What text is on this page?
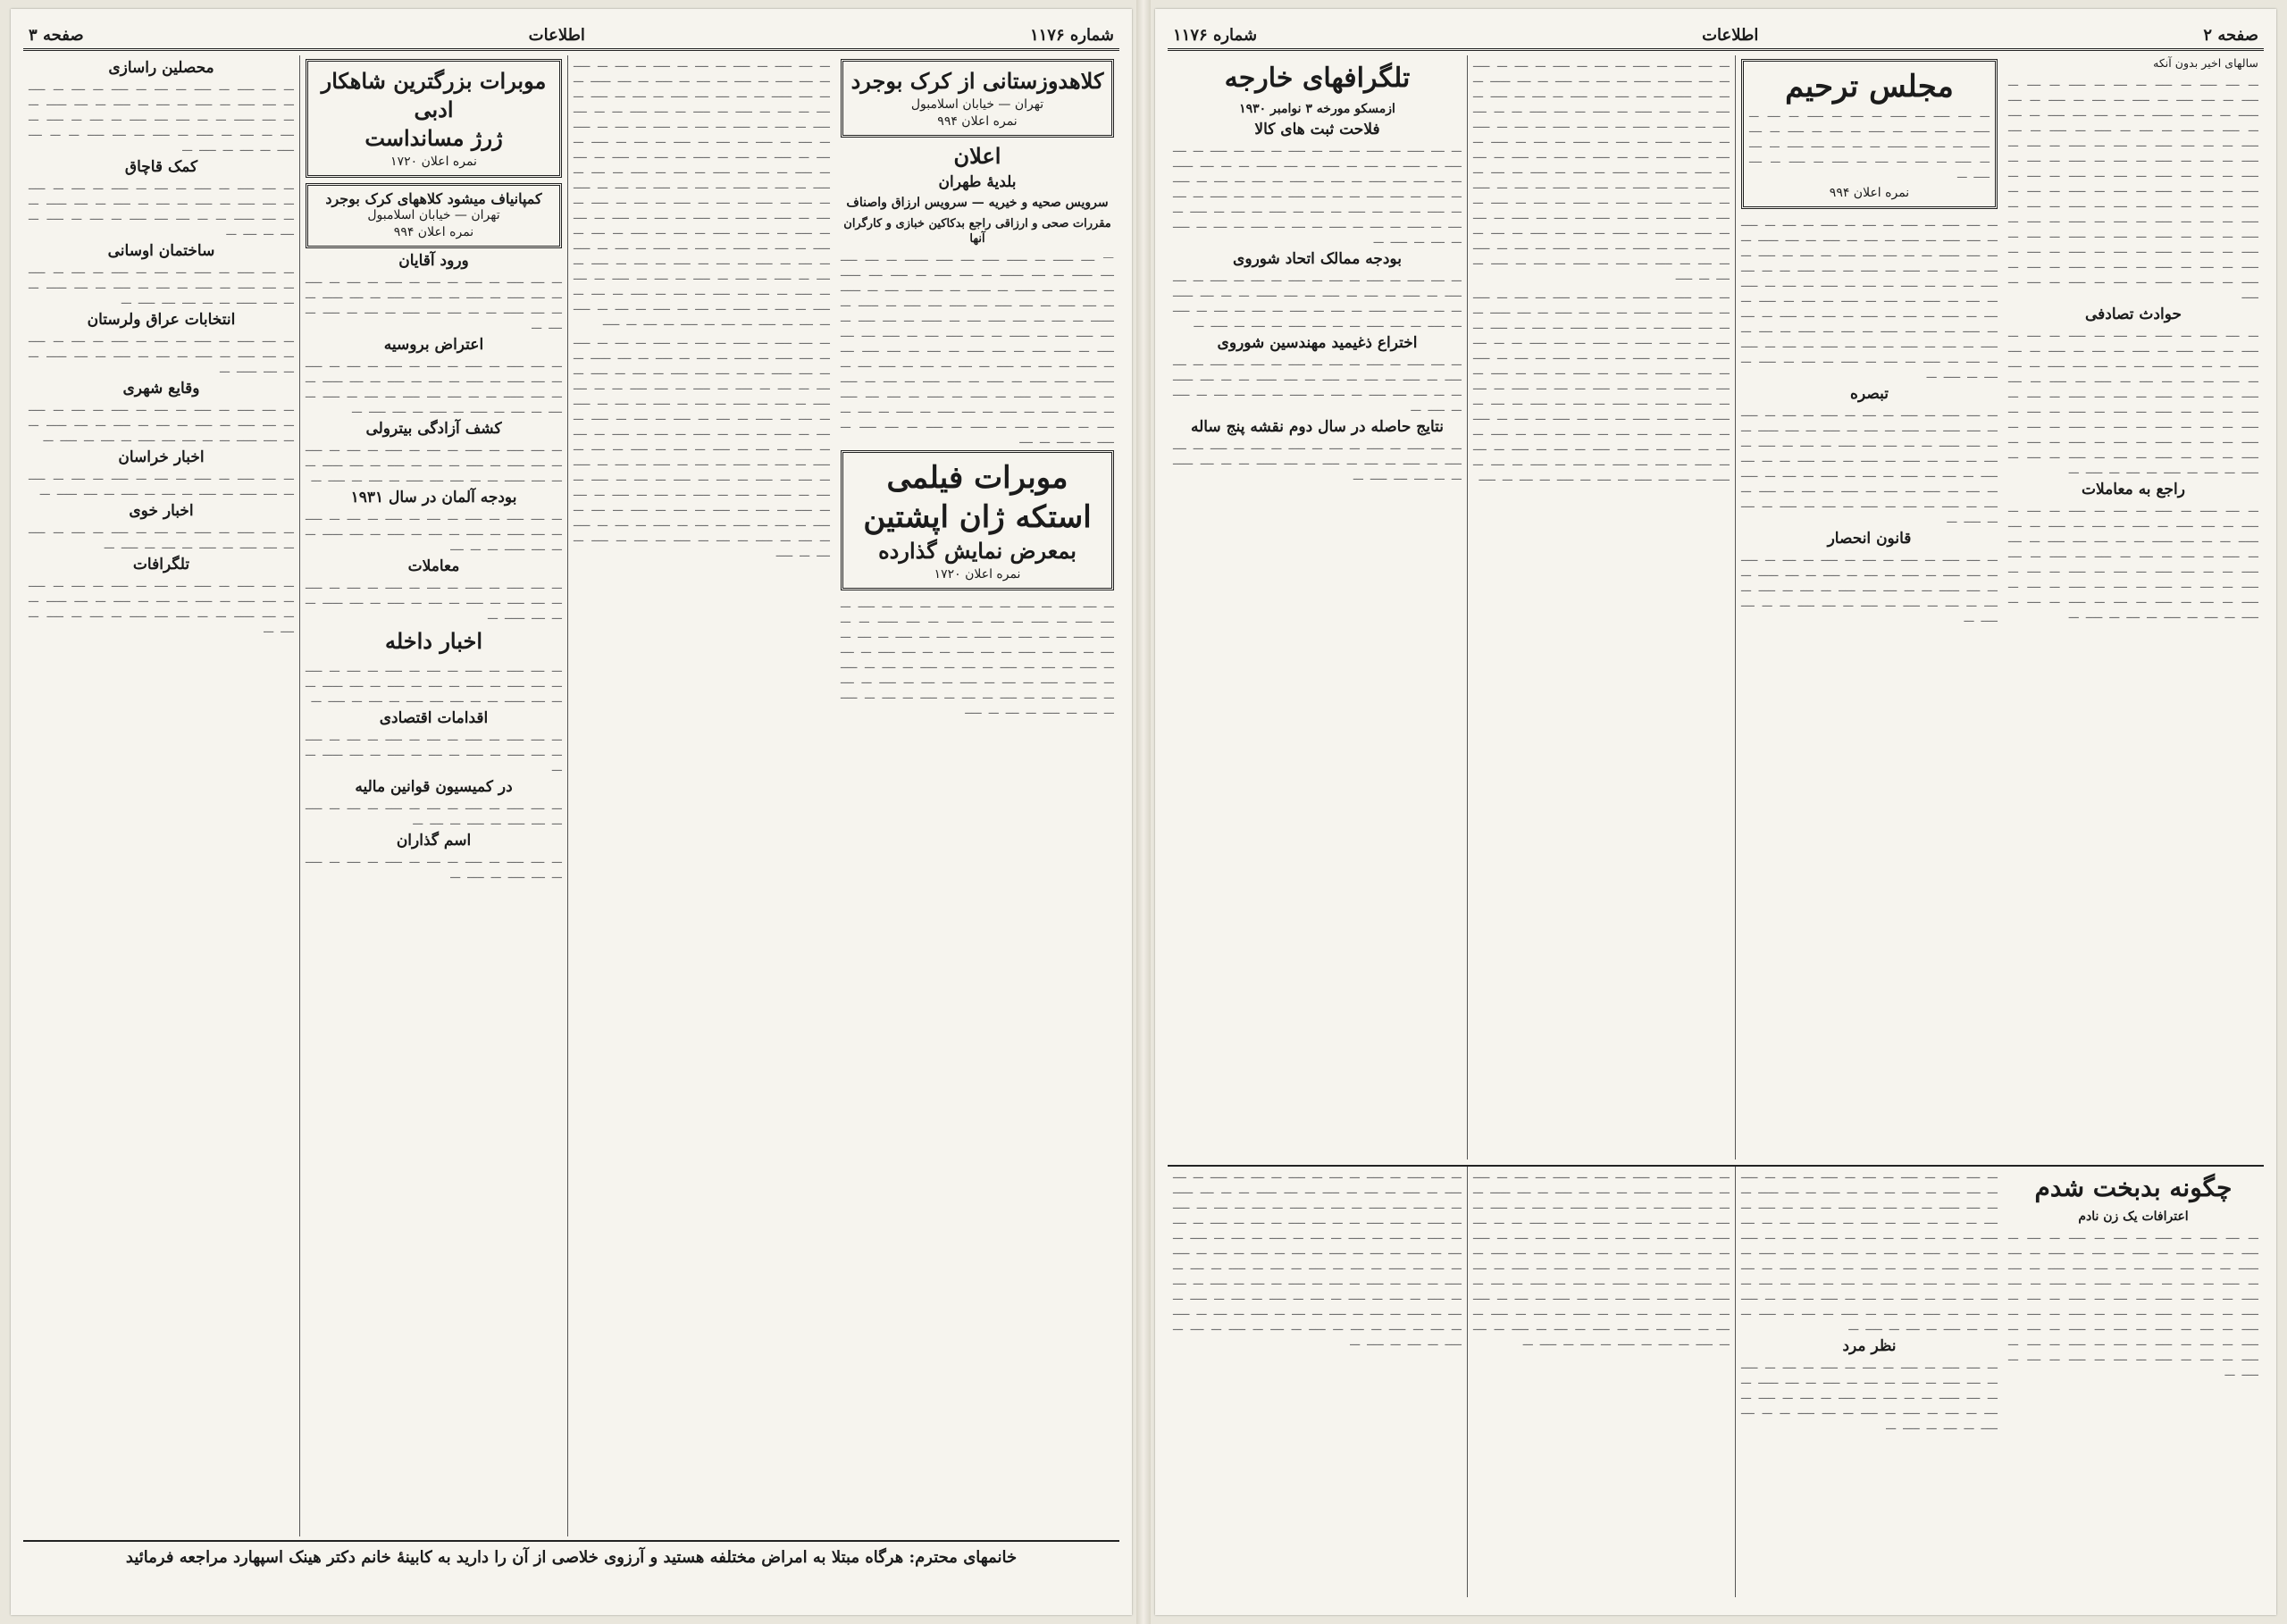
شماره ۱۱۷۶
اطلاعات
صفحه ۳
کلاهدوزستانی از کرک بوجرد
تهران — خیابان اسلامبول
نمره اعلان ۹۹۴
اعلان
بلدیهٔ طهران
سرویس صحیه و خیریه — سرویس ارزاق واصناف
مقررات صحی و ارزاقی راجع بدکاکین خبازی و کارگران آنها

— ــــ ــــــ ـــ ــــــ ـــــ ــــ ـــــ ـــــــ ـــ ــــ ـــــ ــــ ــــــ ـــ ــــ ـــــــ ـــ ــــ ـــــ ـــ ـــــ ــــ ــــــ ـــ ــــ ـــــ ـــ ــــــ ـــ ـــــــ ـــ ــــ ـــــ ــــ ـــ ــــــ ـــ ــــ ـــــ ـــ ــــ ـــــ ــــ ـــــ ــــ ـــــ ـــ ــــــ ـــ ـــــــ ـــ ــــ ـــ ــــ ـــــ ــــ ـــ ــــــ ـــ ــــ ـــــ ـــ ــــ ـــــ ــــ ـــ ــــــ ـــ ــــ ـــــ ــــ ـــ ـــــ ــــ ــــ ـــــ ـــ ـــــ ــــ ـــ ــــ ـــــ ـــ ــــ ـــ ــــ ـــــ ــــ ـــ ــــــ ـــ ــــ ـــ ـــــ ـــ ــــ ـــ ــــ ـــ ـــــ ــــ ـــ ــــــ ـــ ــــ ـــــ ـــ ـــــ ـــ ــــ ـــــ ـــ ــــ ـــ ـــــ ـــ ـــــ ـــ ــــ ـــــ ـــ ـــــ ـــ ـــــ ـــ ــــ ــــ ـــــ ـــ ــــ ـــ ـــــ ـــ ـــــ ـــ ــــ ـــــ ـــ ـــــ ـــ ــــ ـــ ـــــ ـــ ــــ ـــ ــــ ـــ ـــــ ـــ ـــــ ـــ ــــ ـــــ ـــ ـــــ ـــ ـــــ ـــ ــــ

موبرات فیلمی استکه ژان اپشتین
بمعرض نمایش گذارده
نمره اعلان ۱۷۲۰

ـــ ــــ ـــــ ـــ ـــــ ـــ ــــ ـــ ـــــ ـــ ــــ ـــ ـــــ ـــ ــــ ـــــ ـــ ـــــ ـــ ــــ ـــ ـــــ ـــ ــــ ــــــ ـــ ـــ ــــ ــــــ ـــ ـــ ــــ ــــ ـــــ ـــ ــــ ـــ ـــــ ـــ ــــ ـــ ــــ ـــ ـــــ ـــ ـــــ ـــ ــــ ـــــ ـــ ـــ ــــ ـــــ ـــ ــــ ـــ ـــــ ـــ ــــ ـــ ـــــ ـــ ــــ ـــ ـــــ ـــ ــــ ـــ ـــــ ـــ ــــ ـــ ـــــ ـــ ــــ ـــ ـــــ ـــ ــــ ـــ ـــــ ـــ ــــ ـــ ـــــ ـــ ــــ ـــ ـــــ ـــ ــــ ـــ ـــــ ـــ ــــ ـــ ـــــ ـــ ــــ ـــ ـــــ ـــ ــــ ـــ ـــــ

ـــ ــــ ـــــ ـــ ـــــ ـــ ــــ ـــ ـــــ ـــ ــــ ـــ ـــــ ـــ ــــ ـــــ ـــ ـــــ ـــ ــــ ـــ ـــــ ـــ ــــ ــــــ ـــ ـــ ــــ ــــــ ـــ ـــ ــــ ــــ ـــــ ـــ ــــ ـــ ـــــ ـــ ــــ ـــ ــــ ـــ ـــــ ـــ ـــــ ـــ ــــ ـــــ ـــ ـــ ــــ ـــــ ـــ ــــ ـــ ـــــ ـــ ــــ ـــ ـــــ ـــ ــــ ـــ ـــــ ـــ ــــ ـــ ـــــ ـــ ــــ ـــ ـــــ ـــ ــــ ـــ ـــــ ـــ ــــ ـــ ـــــ ـــ ــــ ـــ ـــــ ـــ ــــ ـــ ـــــ ـــ ــــ ـــ ـــــ ـــ ــــ ـــ ـــــ ـــ ــــ ـــ ـــــ ـــ ــــ ـــ ـــــ ـــ ــــ ـــ ـــــ ـــ ــــ ـــ ـــــ ـــ ــــ ـــ ـــــ ـــ ــــ ـــ ـــــ ـــ ــــ ـــ ـــــ ـــ ــــ ـــ ـــــ ـــ ــــ ـــ ـــــ ـــ ــــ ـــ ـــــ ـــ ــــ ـــ ـــــ ـــ ــــ ـــ ـــــ ـــ ــــ ـــ ـــــ ـــ ــــ ـــ ـــــ ـــ ــــ ـــ ـــــ ـــ ــــ ـــ ـــــ ـــ ــــ ـــ ـــــ ـــ ــــ ـــ ـــــ ـــ ــــ ـــ ـــــ ـــ ــــ ـــ ـــــ ـــ ــــ ـــ ـــــ ـــ ــــ ـــ ـــــ ـــ ــــ ـــ ـــــ ـــ ــــ ـــ ـــــ ـــ ــــ ـــ ـــــ ـــ ــــ ـــ ـــــ ـــ ــــ ـــ ـــــ ـــ ــــ ـــ ـــــ ـــ ــــ ـــ ـــــ ـــ ــــ ـــ ـــــ ـــ ــــ ـــ ـــــ ـــ ــــ ـــ ـــــ ـــ ــــ ـــ ـــــ ـــ ــــ ـــ ـــــ

ـــ ــــ ـــــ ـــ ـــــ ـــ ــــ ـــ ـــــ ـــ ــــ ـــ ـــــ ـــ ــــ ـــــ ـــ ـــــ ـــ ــــ ـــ ـــــ ـــ ــــ ــــــ ـــ ـــ ــــ ــــــ ـــ ـــ ــــ ــــ ـــــ ـــ ــــ ـــ ـــــ ـــ ــــ ـــ ــــ ـــ ـــــ ـــ ـــــ ـــ ــــ ـــــ ـــ ـــ ــــ ـــــ ـــ ــــ ـــ ـــــ ـــ ــــ ـــ ـــــ ـــ ــــ ـــ ـــــ ـــ ــــ ـــ ـــــ ـــ ــــ ـــ ـــــ ـــ ــــ ـــ ـــــ ـــ ــــ ـــ ـــــ ـــ ــــ ـــ ـــــ ـــ ــــ ـــ ـــــ ـــ ــــ ـــ ـــــ ـــ ــــ ـــ ـــــ ـــ ــــ ـــ ـــــ ـــ ــــ ـــ ـــــ ـــ ــــ ـــ ـــــ ـــ ــــ ـــ ـــــ ـــ ــــ ـــ ـــــ ـــ ــــ ـــ ـــــ ـــ ــــ ـــ ـــــ ـــ ــــ ـــ ـــــ ـــ ــــ ـــ ـــــ ـــ ــــ ـــ ـــــ ـــ ــــ ـــ ـــــ ـــ ــــ ـــ ـــــ ـــ ــــ ـــ ـــــ ـــ ــــ ـــ ـــــ ـــ ــــ ـــ ـــــ ـــ ــــ ـــ ـــــ ـــ ــــ ـــ ـــــ ـــ ــــ ـــ ـــــ ـــ ــــ ـــ ـــــ ـــ ــــ ـــ ـــــ ـــ ــــ ـــ ـــــ ـــ ــــ ـــ ـــــ

موبرات بزرگترین شاهکار ادبی
ژرژ مسانداست
نمره اعلان ۱۷۲۰
کمپانیاف میشود کلاههای کرک بوجرد
تهران — خیابان اسلامبول
نمره اعلان ۹۹۴
ورود آقایان

ـــ ــــ ـــــ ـــ ـــــ ـــ ــــ ـــ ـــــ ـــ ــــ ـــ ـــــ ـــ ــــ ـــــ ـــ ـــــ ـــ ــــ ـــ ـــــ ـــ ــــ ــــــ ـــ ـــ ــــ ــــــ ـــ ـــ ــــ ــــ ـــــ ـــ ــــ ـــ ـــــ ـــ ــــ ـــ

اعتراض بروسیه

ـــ ــــ ـــــ ـــ ـــــ ـــ ــــ ـــ ـــــ ـــ ــــ ـــ ـــــ ـــ ــــ ـــــ ـــ ـــــ ـــ ــــ ـــ ـــــ ـــ ــــ ــــــ ـــ ـــ ــــ ــــــ ـــ ـــ ــــ ــــ ـــــ ـــ ــــ ـــ ـــــ ـــ ــــ ـــ ــــ ـــ ـــــ ـــ ـــــ ـــ ــــ ـــــ ـــ

کشف آزادگی بیترولی

ـــ ــــ ـــــ ـــ ـــــ ـــ ــــ ـــ ـــــ ـــ ــــ ـــ ـــــ ـــ ــــ ـــــ ـــ ـــــ ـــ ــــ ـــ ـــــ ـــ ــــ ــــــ ـــ ـــ ــــ ــــــ ـــ ـــ ــــ ــــ ـــــ ـــ ــــ ـــ ـــــ ـــ

بودجه آلمان در سال ۱۹۳۱

ـــ ــــ ـــــ ـــ ـــــ ـــ ــــ ـــ ـــــ ـــ ــــ ـــ ـــــ ـــ ــــ ـــــ ـــ ـــــ ـــ ــــ ـــ ـــــ ـــ ــــ ــــــ ـــ ـــ ــــ ــــــ ـــ ـــ ــــ

معاملات

ـــ ــــ ـــــ ـــ ـــــ ـــ ــــ ـــ ـــــ ـــ ــــ ـــ ـــــ ـــ ــــ ـــــ ـــ ـــــ ـــ ــــ ـــ ـــــ ـــ ــــ ــــــ ـــ ـــ ــــ ــــــ ـــ

اخبار داخله

ـــ ــــ ـــــ ـــ ـــــ ـــ ــــ ـــ ـــــ ـــ ــــ ـــ ـــــ ـــ ــــ ـــــ ـــ ـــــ ـــ ــــ ـــ ـــــ ـــ ــــ ــــــ ـــ ـــ ــــ ــــــ ـــ ـــ ــــ ــــ ـــــ ـــ ــــ ـــ ـــــ ـــ

اقدامات اقتصادی

ـــ ــــ ـــــ ـــ ـــــ ـــ ــــ ـــ ـــــ ـــ ــــ ـــ ـــــ ـــ ــــ ـــــ ـــ ـــــ ـــ ــــ ـــ ـــــ ـــ ــــ ــــــ ـــ ـــ

در کمیسیون قوانین مالیه

ـــ ــــ ـــــ ـــ ـــــ ـــ ــــ ـــ ـــــ ـــ ــــ ـــ ـــــ ـــ ــــ ـــــ ـــ ـــــ ـــ ــــ ـــ

اسم گذاران

ـــ ــــ ـــــ ـــ ـــــ ـــ ــــ ـــ ـــــ ـــ ــــ ـــ ـــــ ـــ ــــ ـــــ ـــ ـــــ ـــ

محصلین راسازی

ـــ ــــ ـــــ ـــ ـــــ ـــ ــــ ـــ ـــــ ـــ ــــ ـــ ـــــ ـــ ــــ ـــــ ـــ ـــــ ـــ ــــ ـــ ـــــ ـــ ــــ ــــــ ـــ ـــ ــــ ــــــ ـــ ـــ ــــ ــــ ـــــ ـــ ــــ ـــ ـــــ ـــ ــــ ـــ ــــ ـــ ـــــ ـــ ـــــ ـــ ــــ ـــــ ـــ ـــ ــــ ـــــ ـــ ــــ ـــ ـــــ ـــ

کمک قاچاق

ـــ ــــ ـــــ ـــ ـــــ ـــ ــــ ـــ ـــــ ـــ ــــ ـــ ـــــ ـــ ــــ ـــــ ـــ ـــــ ـــ ــــ ـــ ـــــ ـــ ــــ ــــــ ـــ ـــ ــــ ــــــ ـــ ـــ ــــ ــــ ـــــ ـــ ــــ ـــ ـــــ ـــ ــــ ـــ ــــ ـــ

ساختمان اوسانی

ـــ ــــ ـــــ ـــ ـــــ ـــ ــــ ـــ ـــــ ـــ ــــ ـــ ـــــ ـــ ــــ ـــــ ـــ ـــــ ـــ ــــ ـــ ـــــ ـــ ــــ ــــــ ـــ ـــ ــــ ــــــ ـــ ـــ ــــ ــــ ـــــ ـــ

انتخابات عراق ولرستان

ـــ ــــ ـــــ ـــ ـــــ ـــ ــــ ـــ ـــــ ـــ ــــ ـــ ـــــ ـــ ــــ ـــــ ـــ ـــــ ـــ ــــ ـــ ـــــ ـــ ــــ ــــــ ـــ ـــ ــــ ــــــ ـــ

وقایع شهری

ـــ ــــ ـــــ ـــ ـــــ ـــ ــــ ـــ ـــــ ـــ ــــ ـــ ـــــ ـــ ــــ ـــــ ـــ ـــــ ـــ ــــ ـــ ـــــ ـــ ــــ ــــــ ـــ ـــ ــــ ــــــ ـــ ـــ ــــ ــــ ـــــ ـــ ــــ ـــ ـــــ ـــ

اخبار خراسان

ـــ ــــ ـــــ ـــ ـــــ ـــ ــــ ـــ ـــــ ـــ ــــ ـــ ـــــ ـــ ــــ ـــــ ـــ ـــــ ـــ ــــ ـــ ـــــ ـــ ــــ ــــــ ـــ

اخبار خوی

ـــ ــــ ـــــ ـــ ـــــ ـــ ــــ ـــ ـــــ ـــ ــــ ـــ ـــــ ـــ ــــ ـــــ ـــ ـــــ ـــ ــــ ـــ ـــــ ـــ

تلگرافات

ـــ ــــ ـــــ ـــ ـــــ ـــ ــــ ـــ ـــــ ـــ ــــ ـــ ـــــ ـــ ــــ ـــــ ـــ ـــــ ـــ ــــ ـــ ـــــ ـــ ــــ ــــــ ـــ ـــ ــــ ــــــ ـــ ـــ ــــ ــــ ـــــ ـــ ــــ ـــ ـــــ ـــ ــــ ـــ

خانمهای محترم: هرگاه مبتلا به امراض مختلفه هستید و آرزوی خلاصی از آن را دارید به کابینهٔ خانم دکتر هینک اسپهارد مراجعه فرمائید
صفحه ۲
اطلاعات
شماره ۱۱۷۶

سالهای اخیر بدون آنکه

ـــ ــــ ـــــ ـــ ـــــ ـــ ــــ ـــ ـــــ ـــ ــــ ـــ ـــــ ـــ ــــ ـــــ ـــ ـــــ ـــ ــــ ـــ ـــــ ـــ ــــ ــــــ ـــ ـــ ــــ ــــــ ـــ ـــ ــــ ــــ ـــــ ـــ ــــ ـــ ـــــ ـــ ــــ ـــ ــــ ـــ ـــــ ـــ ـــــ ـــ ــــ ـــــ ـــ ـــ ــــ ـــــ ـــ ــــ ـــ ـــــ ـــ ــــ ـــ ـــــ ـــ ــــ ـــ ـــــ ـــ ــــ ـــ ـــــ ـــ ــــ ـــ ـــــ ـــ ــــ ـــ ـــــ ـــ ــــ ـــ ـــــ ـــ ــــ ـــ ـــــ ـــ ــــ ـــ ـــــ ـــ ــــ ـــ ـــــ ـــ ــــ ـــ ـــــ ـــ ــــ ـــ ـــــ ـــ ــــ ـــ ـــــ ـــ ــــ ـــ ـــــ ـــ ــــ ـــ ـــــ ـــ ــــ ـــ ـــــ ـــ ــــ ـــ ـــــ ـــ ــــ ـــ ـــــ ـــ ــــ ـــ ـــــ ـــ ــــ ـــ ـــــ ـــ ــــ ـــ ـــــ ـــ ــــ ـــ ـــــ ـــ ــــ ـــ ـــــ ـــ ــــ ـــ ـــــ ـــ ــــ ـــ ـــــ ـــ ــــ ـــ ـــــ ـــ ــــ ـــ ـــــ ـــ ــــ ـــ ـــــ ـــ ــــ ـــ ـــــ

حوادث تصادفی

ـــ ــــ ـــــ ـــ ـــــ ـــ ــــ ـــ ـــــ ـــ ــــ ـــ ـــــ ـــ ــــ ـــــ ـــ ـــــ ـــ ــــ ـــ ـــــ ـــ ــــ ــــــ ـــ ـــ ــــ ــــــ ـــ ـــ ــــ ــــ ـــــ ـــ ــــ ـــ ـــــ ـــ ــــ ـــ ــــ ـــ ـــــ ـــ ـــــ ـــ ــــ ـــــ ـــ ـــ ــــ ـــــ ـــ ــــ ـــ ـــــ ـــ ــــ ـــ ـــــ ـــ ــــ ـــ ـــــ ـــ ــــ ـــ ـــــ ـــ ــــ ـــ ـــــ ـــ ــــ ـــ ـــــ ـــ ــــ ـــ ـــــ ـــ ــــ ـــ ـــــ ـــ ــــ ـــ ـــــ ـــ ــــ ـــ ـــــ ـــ ــــ ـــ ـــــ ـــ ــــ ـــ ـــــ ـــ ــــ ـــ ـــــ ـــ ــــ ـــ ـــــ ـــ ــــ ـــ ـــــ ـــ ــــ ـــ ـــــ ـــ

راجع به معاملات

ـــ ــــ ـــــ ـــ ـــــ ـــ ــــ ـــ ـــــ ـــ ــــ ـــ ـــــ ـــ ــــ ـــــ ـــ ـــــ ـــ ــــ ـــ ـــــ ـــ ــــ ــــــ ـــ ـــ ــــ ــــــ ـــ ـــ ــــ ــــ ـــــ ـــ ــــ ـــ ـــــ ـــ ــــ ـــ ــــ ـــ ـــــ ـــ ـــــ ـــ ــــ ـــــ ـــ ـــ ــــ ـــــ ـــ ــــ ـــ ـــــ ـــ ــــ ـــ ـــــ ـــ ــــ ـــ ـــــ ـــ ــــ ـــ ـــــ ـــ ــــ ـــ ـــــ ـــ ــــ ـــ ـــــ ـــ ــــ ـــ ـــــ ـــ ــــ ـــ ـــــ ـــ ــــ ـــ ـــــ ـــ ــــ ـــ ـــــ ـــ

مجلس ترحیم

ـــ ــــ ـــــ ـــ ـــــ ـــ ــــ ـــ ـــــ ـــ ــــ ـــ ـــــ ـــ ــــ ـــــ ـــ ـــــ ـــ ــــ ـــ ـــــ ـــ ــــ ــــــ ـــ ـــ ــــ ــــــ ـــ ـــ ــــ ــــ ـــــ ـــ ــــ ـــ ـــــ ـــ ــــ ـــ ــــ ـــ ـــــ ـــ ـــــ ـــ ــــ ـــــ ـــ

نمره اعلان ۹۹۴

ـــ ــــ ـــــ ـــ ـــــ ـــ ــــ ـــ ـــــ ـــ ــــ ـــ ـــــ ـــ ــــ ـــــ ـــ ـــــ ـــ ــــ ـــ ـــــ ـــ ــــ ــــــ ـــ ـــ ــــ ــــــ ـــ ـــ ــــ ــــ ـــــ ـــ ــــ ـــ ـــــ ـــ ــــ ـــ ــــ ـــ ـــــ ـــ ـــــ ـــ ــــ ـــــ ـــ ـــ ــــ ـــــ ـــ ــــ ـــ ـــــ ـــ ــــ ـــ ـــــ ـــ ــــ ـــ ـــــ ـــ ــــ ـــ ـــــ ـــ ــــ ـــ ـــــ ـــ ــــ ـــ ـــــ ـــ ــــ ـــ ـــــ ـــ ــــ ـــ ـــــ ـــ ــــ ـــ ـــــ ـــ ــــ ـــ ـــــ ـــ ــــ ـــ ـــــ ـــ ــــ ـــ ـــــ ـــ ــــ ـــ ـــــ ـــ ــــ ـــ ـــــ ـــ ــــ ـــ ـــــ ـــ ــــ ـــ ـــــ ـــ ــــ ـــ ـــــ ـــ ــــ ـــ ـــــ ـــ ــــ ـــ ـــــ ـــ ــــ ـــ ـــــ ـــ

تبصره

ـــ ــــ ـــــ ـــ ـــــ ـــ ــــ ـــ ـــــ ـــ ــــ ـــ ـــــ ـــ ــــ ـــــ ـــ ـــــ ـــ ــــ ـــ ـــــ ـــ ــــ ــــــ ـــ ـــ ــــ ــــــ ـــ ـــ ــــ ــــ ـــــ ـــ ــــ ـــ ـــــ ـــ ــــ ـــ ــــ ـــ ـــــ ـــ ـــــ ـــ ــــ ـــــ ـــ ـــ ــــ ـــــ ـــ ــــ ـــ ـــــ ـــ ــــ ـــ ـــــ ـــ ــــ ـــ ـــــ ـــ ــــ ـــ ـــــ ـــ ــــ ـــ ـــــ ـــ ــــ ـــ ـــــ ـــ ــــ ـــ ـــــ ـــ ــــ ـــ ـــــ ـــ ــــ ـــ ـــــ ـــ ــــ ـــ ـــــ ـــ

قانون انحصار

ـــ ــــ ـــــ ـــ ـــــ ـــ ــــ ـــ ـــــ ـــ ــــ ـــ ـــــ ـــ ــــ ـــــ ـــ ـــــ ـــ ــــ ـــ ـــــ ـــ ــــ ــــــ ـــ ـــ ــــ ــــــ ـــ ـــ ــــ ــــ ـــــ ـــ ــــ ـــ ـــــ ـــ ــــ ـــ ــــ ـــ ـــــ ـــ ـــــ ـــ ــــ ـــــ ـــ ـــ ــــ ـــــ ـــ

ـــ ــــ ـــــ ـــ ـــــ ـــ ــــ ـــ ـــــ ـــ ــــ ـــ ـــــ ـــ ــــ ـــــ ـــ ـــــ ـــ ــــ ـــ ـــــ ـــ ــــ ــــــ ـــ ـــ ــــ ــــــ ـــ ـــ ــــ ــــ ـــــ ـــ ــــ ـــ ـــــ ـــ ــــ ـــ ــــ ـــ ـــــ ـــ ـــــ ـــ ــــ ـــــ ـــ ـــ ــــ ـــــ ـــ ــــ ـــ ـــــ ـــ ــــ ـــ ـــــ ـــ ــــ ـــ ـــــ ـــ ــــ ـــ ـــــ ـــ ــــ ـــ ـــــ ـــ ــــ ـــ ـــــ ـــ ــــ ـــ ـــــ ـــ ــــ ـــ ـــــ ـــ ــــ ـــ ـــــ ـــ ــــ ـــ ـــــ ـــ ــــ ـــ ـــــ ـــ ــــ ـــ ـــــ ـــ ــــ ـــ ـــــ ـــ ــــ ـــ ـــــ ـــ ــــ ـــ ـــــ ـــ ــــ ـــ ـــــ ـــ ــــ ـــ ـــــ ـــ ــــ ـــ ـــــ ـــ ــــ ـــ ـــــ ـــ ــــ ـــ ـــــ ـــ ــــ ـــ ـــــ ـــ ــــ ـــ ـــــ ـــ ــــ ـــ ـــــ ـــ ــــ ـــ ـــــ ـــ ــــ ـــ ـــــ ـــ ــــ ـــ ـــــ ـــ ــــ ـــ ـــــ ـــ ــــ ـــ ـــــ ـــ ــــ ـــ ـــــ ـــ ــــ ـــ ـــــ ـــ ــــ ـــ ـــــ ـــ ــــ ـــ ـــــ ـــ ــــ ـــ ـــــ

ـــ ــــ ـــــ ـــ ـــــ ـــ ــــ ـــ ـــــ ـــ ــــ ـــ ـــــ ـــ ــــ ـــــ ـــ ـــــ ـــ ــــ ـــ ـــــ ـــ ــــ ــــــ ـــ ـــ ــــ ــــــ ـــ ـــ ــــ ــــ ـــــ ـــ ــــ ـــ ـــــ ـــ ــــ ـــ ــــ ـــ ـــــ ـــ ـــــ ـــ ــــ ـــــ ـــ ـــ ــــ ـــــ ـــ ــــ ـــ ـــــ ـــ ــــ ـــ ـــــ ـــ ــــ ـــ ـــــ ـــ ــــ ـــ ـــــ ـــ ــــ ـــ ـــــ ـــ ــــ ـــ ـــــ ـــ ــــ ـــ ـــــ ـــ ــــ ـــ ـــــ ـــ ــــ ـــ ـــــ ـــ ــــ ـــ ـــــ ـــ ــــ ـــ ـــــ ـــ ــــ ـــ ـــــ ـــ ــــ ـــ ـــــ ـــ ــــ ـــ ـــــ ـــ ــــ ـــ ـــــ ـــ ــــ ـــ ـــــ ـــ ــــ ـــ ـــــ ـــ ــــ ـــ ـــــ ـــ ــــ ـــ ـــــ ـــ ــــ ـــ ـــــ ـــ ــــ ـــ ـــــ ـــ ــــ ـــ ـــــ ـــ ــــ ـــ ـــــ ـــ ــــ ـــ ـــــ ـــ ــــ ـــ ـــــ ـــ ــــ ـــ ـــــ ـــ ــــ ـــ ـــــ ـــ ــــ ـــ ـــــ ـــ ــــ ـــ ـــــ

تلگرافهای خارجه
ازمسکو مورخه ۳ نوامبر ۱۹۳۰
فلاحت ثبت های کالا

ـــ ــــ ـــــ ـــ ـــــ ـــ ــــ ـــ ـــــ ـــ ــــ ـــ ـــــ ـــ ــــ ـــــ ـــ ـــــ ـــ ــــ ـــ ـــــ ـــ ــــ ــــــ ـــ ـــ ــــ ــــــ ـــ ـــ ــــ ــــ ـــــ ـــ ــــ ـــ ـــــ ـــ ــــ ـــ ــــ ـــ ـــــ ـــ ـــــ ـــ ــــ ـــــ ـــ ـــ ــــ ـــــ ـــ ــــ ـــ ـــــ ـــ ــــ ـــ ـــــ ـــ ــــ ـــ ـــــ ـــ ــــ ـــ ـــــ ـــ ــــ ـــ ـــــ ـــ ــــ ـــ ـــــ ـــ ــــ ـــ ـــــ ـــ ــــ ـــ ـــــ ـــ ــــ ـــ ـــــ ـــ ــــ ـــ ـــــ ـــ

بودجه ممالک اتحاد شوروی

ـــ ــــ ـــــ ـــ ـــــ ـــ ــــ ـــ ـــــ ـــ ــــ ـــ ـــــ ـــ ــــ ـــــ ـــ ـــــ ـــ ــــ ـــ ـــــ ـــ ــــ ــــــ ـــ ـــ ــــ ــــــ ـــ ـــ ــــ ــــ ـــــ ـــ ــــ ـــ ـــــ ـــ ــــ ـــ ــــ ـــ ـــــ ـــ ـــــ ـــ ــــ ـــــ ـــ ـــ ــــ ـــــ ـــ ــــ ـــ ـــــ ـــ

اختراع ذغیمید مهندسین شوروی

ـــ ــــ ـــــ ـــ ـــــ ـــ ــــ ـــ ـــــ ـــ ــــ ـــ ـــــ ـــ ــــ ـــــ ـــ ـــــ ـــ ــــ ـــ ـــــ ـــ ــــ ــــــ ـــ ـــ ــــ ــــــ ـــ ـــ ــــ ــــ ـــــ ـــ ــــ ـــ ـــــ ـــ ــــ ـــ ــــ ـــ ـــــ ـــ ـــــ ـــ

نتایج حاصله در سال دوم نقشه پنج ساله

ـــ ــــ ـــــ ـــ ـــــ ـــ ــــ ـــ ـــــ ـــ ــــ ـــ ـــــ ـــ ــــ ـــــ ـــ ـــــ ـــ ــــ ـــ ـــــ ـــ ــــ ــــــ ـــ ـــ ــــ ــــــ ـــ ـــ ــــ ــــ ـــــ ـــ

چگونه بدبخت شدم
اعترافات یک زن نادم

ـــ ــــ ـــــ ـــ ـــــ ـــ ــــ ـــ ـــــ ـــ ــــ ـــ ـــــ ـــ ــــ ـــــ ـــ ـــــ ـــ ــــ ـــ ـــــ ـــ ــــ ــــــ ـــ ـــ ــــ ــــــ ـــ ـــ ــــ ــــ ـــــ ـــ ــــ ـــ ـــــ ـــ ــــ ـــ ــــ ـــ ـــــ ـــ ـــــ ـــ ــــ ـــــ ـــ ـــ ــــ ـــــ ـــ ــــ ـــ ـــــ ـــ ــــ ـــ ـــــ ـــ ــــ ـــ ـــــ ـــ ــــ ـــ ـــــ ـــ ــــ ـــ ـــــ ـــ ــــ ـــ ـــــ ـــ ــــ ـــ ـــــ ـــ ــــ ـــ ـــــ ـــ ــــ ـــ ـــــ ـــ ــــ ـــ ـــــ ـــ ــــ ـــ ـــــ ـــ ــــ ـــ ـــــ ـــ ــــ ـــ ـــــ ـــ ــــ ـــ ـــــ ـــ

ـــ ــــ ـــــ ـــ ـــــ ـــ ــــ ـــ ـــــ ـــ ــــ ـــ ـــــ ـــ ــــ ـــــ ـــ ـــــ ـــ ــــ ـــ ـــــ ـــ ــــ ــــــ ـــ ـــ ــــ ــــــ ـــ ـــ ــــ ــــ ـــــ ـــ ــــ ـــ ـــــ ـــ ــــ ـــ ــــ ـــ ـــــ ـــ ـــــ ـــ ــــ ـــــ ـــ ـــ ــــ ـــــ ـــ ــــ ـــ ـــــ ـــ ــــ ـــ ـــــ ـــ ــــ ـــ ـــــ ـــ ــــ ـــ ـــــ ـــ ــــ ـــ ـــــ ـــ ــــ ـــ ـــــ ـــ ــــ ـــ ـــــ ـــ ــــ ـــ ـــــ ـــ ــــ ـــ ـــــ ـــ ــــ ـــ ـــــ ـــ ــــ ـــ ـــــ ـــ ــــ ـــ ـــــ ـــ ــــ ـــ ـــــ ـــ ــــ ـــ ـــــ ـــ ــــ ـــ ـــــ ـــ ــــ ـــ ـــــ ـــ ــــ ـــ ـــــ ـــ ــــ ـــ ـــــ ـــ ــــ ـــ ـــــ ـــ ــــ ـــ ـــــ ـــ ــــ ـــ ـــــ ـــ

نظر مرد

ـــ ــــ ـــــ ـــ ـــــ ـــ ــــ ـــ ـــــ ـــ ــــ ـــ ـــــ ـــ ــــ ـــــ ـــ ـــــ ـــ ــــ ـــ ـــــ ـــ ــــ ــــــ ـــ ـــ ــــ ــــــ ـــ ـــ ــــ ــــ ـــــ ـــ ــــ ـــ ـــــ ـــ ــــ ـــ ــــ ـــ ـــــ ـــ ـــــ ـــ ــــ ـــــ ـــ ـــ ــــ ـــــ ـــ ــــ ـــ ـــــ ـــ

ـــ ــــ ـــــ ـــ ـــــ ـــ ــــ ـــ ـــــ ـــ ــــ ـــ ـــــ ـــ ــــ ـــــ ـــ ـــــ ـــ ــــ ـــ ـــــ ـــ ــــ ــــــ ـــ ـــ ــــ ــــــ ـــ ـــ ــــ ــــ ـــــ ـــ ــــ ـــ ـــــ ـــ ــــ ـــ ــــ ـــ ـــــ ـــ ـــــ ـــ ــــ ـــــ ـــ ـــ ــــ ـــــ ـــ ــــ ـــ ـــــ ـــ ــــ ـــ ـــــ ـــ ــــ ـــ ـــــ ـــ ــــ ـــ ـــــ ـــ ــــ ـــ ـــــ ـــ ــــ ـــ ـــــ ـــ ــــ ـــ ـــــ ـــ ــــ ـــ ـــــ ـــ ــــ ـــ ـــــ ـــ ــــ ـــ ـــــ ـــ ــــ ـــ ـــــ ـــ ــــ ـــ ـــــ ـــ ــــ ـــ ـــــ ـــ ــــ ـــ ـــــ ـــ ــــ ـــ ـــــ ـــ ــــ ـــ ـــــ ـــ ــــ ـــ ـــــ ـــ ــــ ـــ ـــــ ـــ ــــ ـــ ـــــ ـــ ــــ ـــ ـــــ ـــ ــــ ـــ ـــــ ـــ ــــ ـــ ـــــ ـــ ــــ ـــ ـــــ ـــ ــــ ـــ ـــــ ـــ ــــ ـــ ـــــ ـــ

ـــ ــــ ـــــ ـــ ـــــ ـــ ــــ ـــ ـــــ ـــ ــــ ـــ ـــــ ـــ ــــ ـــــ ـــ ـــــ ـــ ــــ ـــ ـــــ ـــ ــــ ــــــ ـــ ـــ ــــ ــــــ ـــ ـــ ــــ ــــ ـــــ ـــ ــــ ـــ ـــــ ـــ ــــ ـــ ــــ ـــ ـــــ ـــ ـــــ ـــ ــــ ـــــ ـــ ـــ ــــ ـــــ ـــ ــــ ـــ ـــــ ـــ ــــ ـــ ـــــ ـــ ــــ ـــ ـــــ ـــ ــــ ـــ ـــــ ـــ ــــ ـــ ـــــ ـــ ــــ ـــ ـــــ ـــ ــــ ـــ ـــــ ـــ ــــ ـــ ـــــ ـــ ــــ ـــ ـــــ ـــ ــــ ـــ ـــــ ـــ ــــ ـــ ـــــ ـــ ــــ ـــ ـــــ ـــ ــــ ـــ ـــــ ـــ ــــ ـــ ـــــ ـــ ــــ ـــ ـــــ ـــ ــــ ـــ ـــــ ـــ ــــ ـــ ـــــ ـــ ــــ ـــ ـــــ ـــ ــــ ـــ ـــــ ـــ ــــ ـــ ـــــ ـــ ــــ ـــ ـــــ ـــ ــــ ـــ ـــــ ـــ ــــ ـــ ـــــ ـــ ــــ ـــ ـــــ ـــ ــــ ـــ ـــــ ـــ ــــ ـــ ـــــ ـــ ــــ ـــ ـــــ ـــ ــــ ـــ ـــــ ـــ ــــ ـــ ـــــ ـــ
